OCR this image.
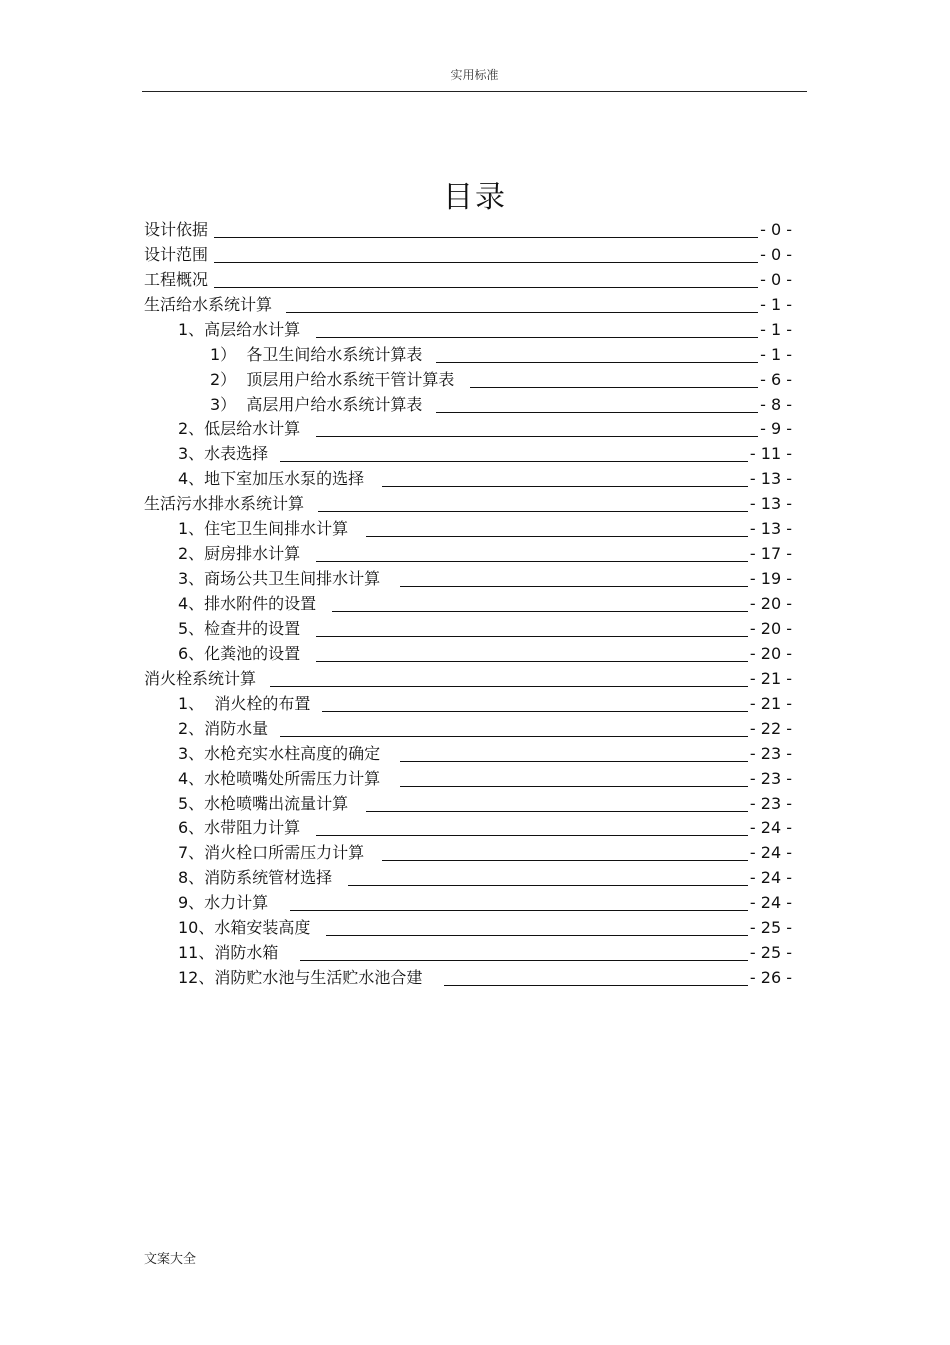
实用标准
目录
设计依据	- 0 -
设计范围	- 0 -
工程概况	- 0 -
生活给水系统计算	- 1 -
1、高层给水计算	- 1 -
1）  各卫生间给水系统计算表	- 1 -
2）  顶层用户给水系统干管计算表	- 6 -
3）  高层用户给水系统计算表	- 8 -
2、低层给水计算	- 9 -
3、水表选择	- 11 -
4、地下室加压水泵的选择	- 13 -
生活污水排水系统计算	- 13 -
1、住宅卫生间排水计算	- 13 -
2、厨房排水计算	- 17 -
3、商场公共卫生间排水计算	- 19 -
4、排水附件的设置	- 20 -
5、检查井的设置	- 20 -
6、化粪池的设置	- 20 -
消火栓系统计算	- 21 -
1、  消火栓的布置	- 21 -
2、消防水量	- 22 -
3、水枪充实水柱高度的确定	- 23 -
4、水枪喷嘴处所需压力计算	- 23 -
5、水枪喷嘴出流量计算	- 23 -
6、水带阻力计算	- 24 -
7、消火栓口所需压力计算	- 24 -
8、消防系统管材选择	- 24 -
9、水力计算	- 24 -
10、水箱安装高度	- 25 -
11、消防水箱	- 25 -
12、消防贮水池与生活贮水池合建	- 26 -
文案大全
